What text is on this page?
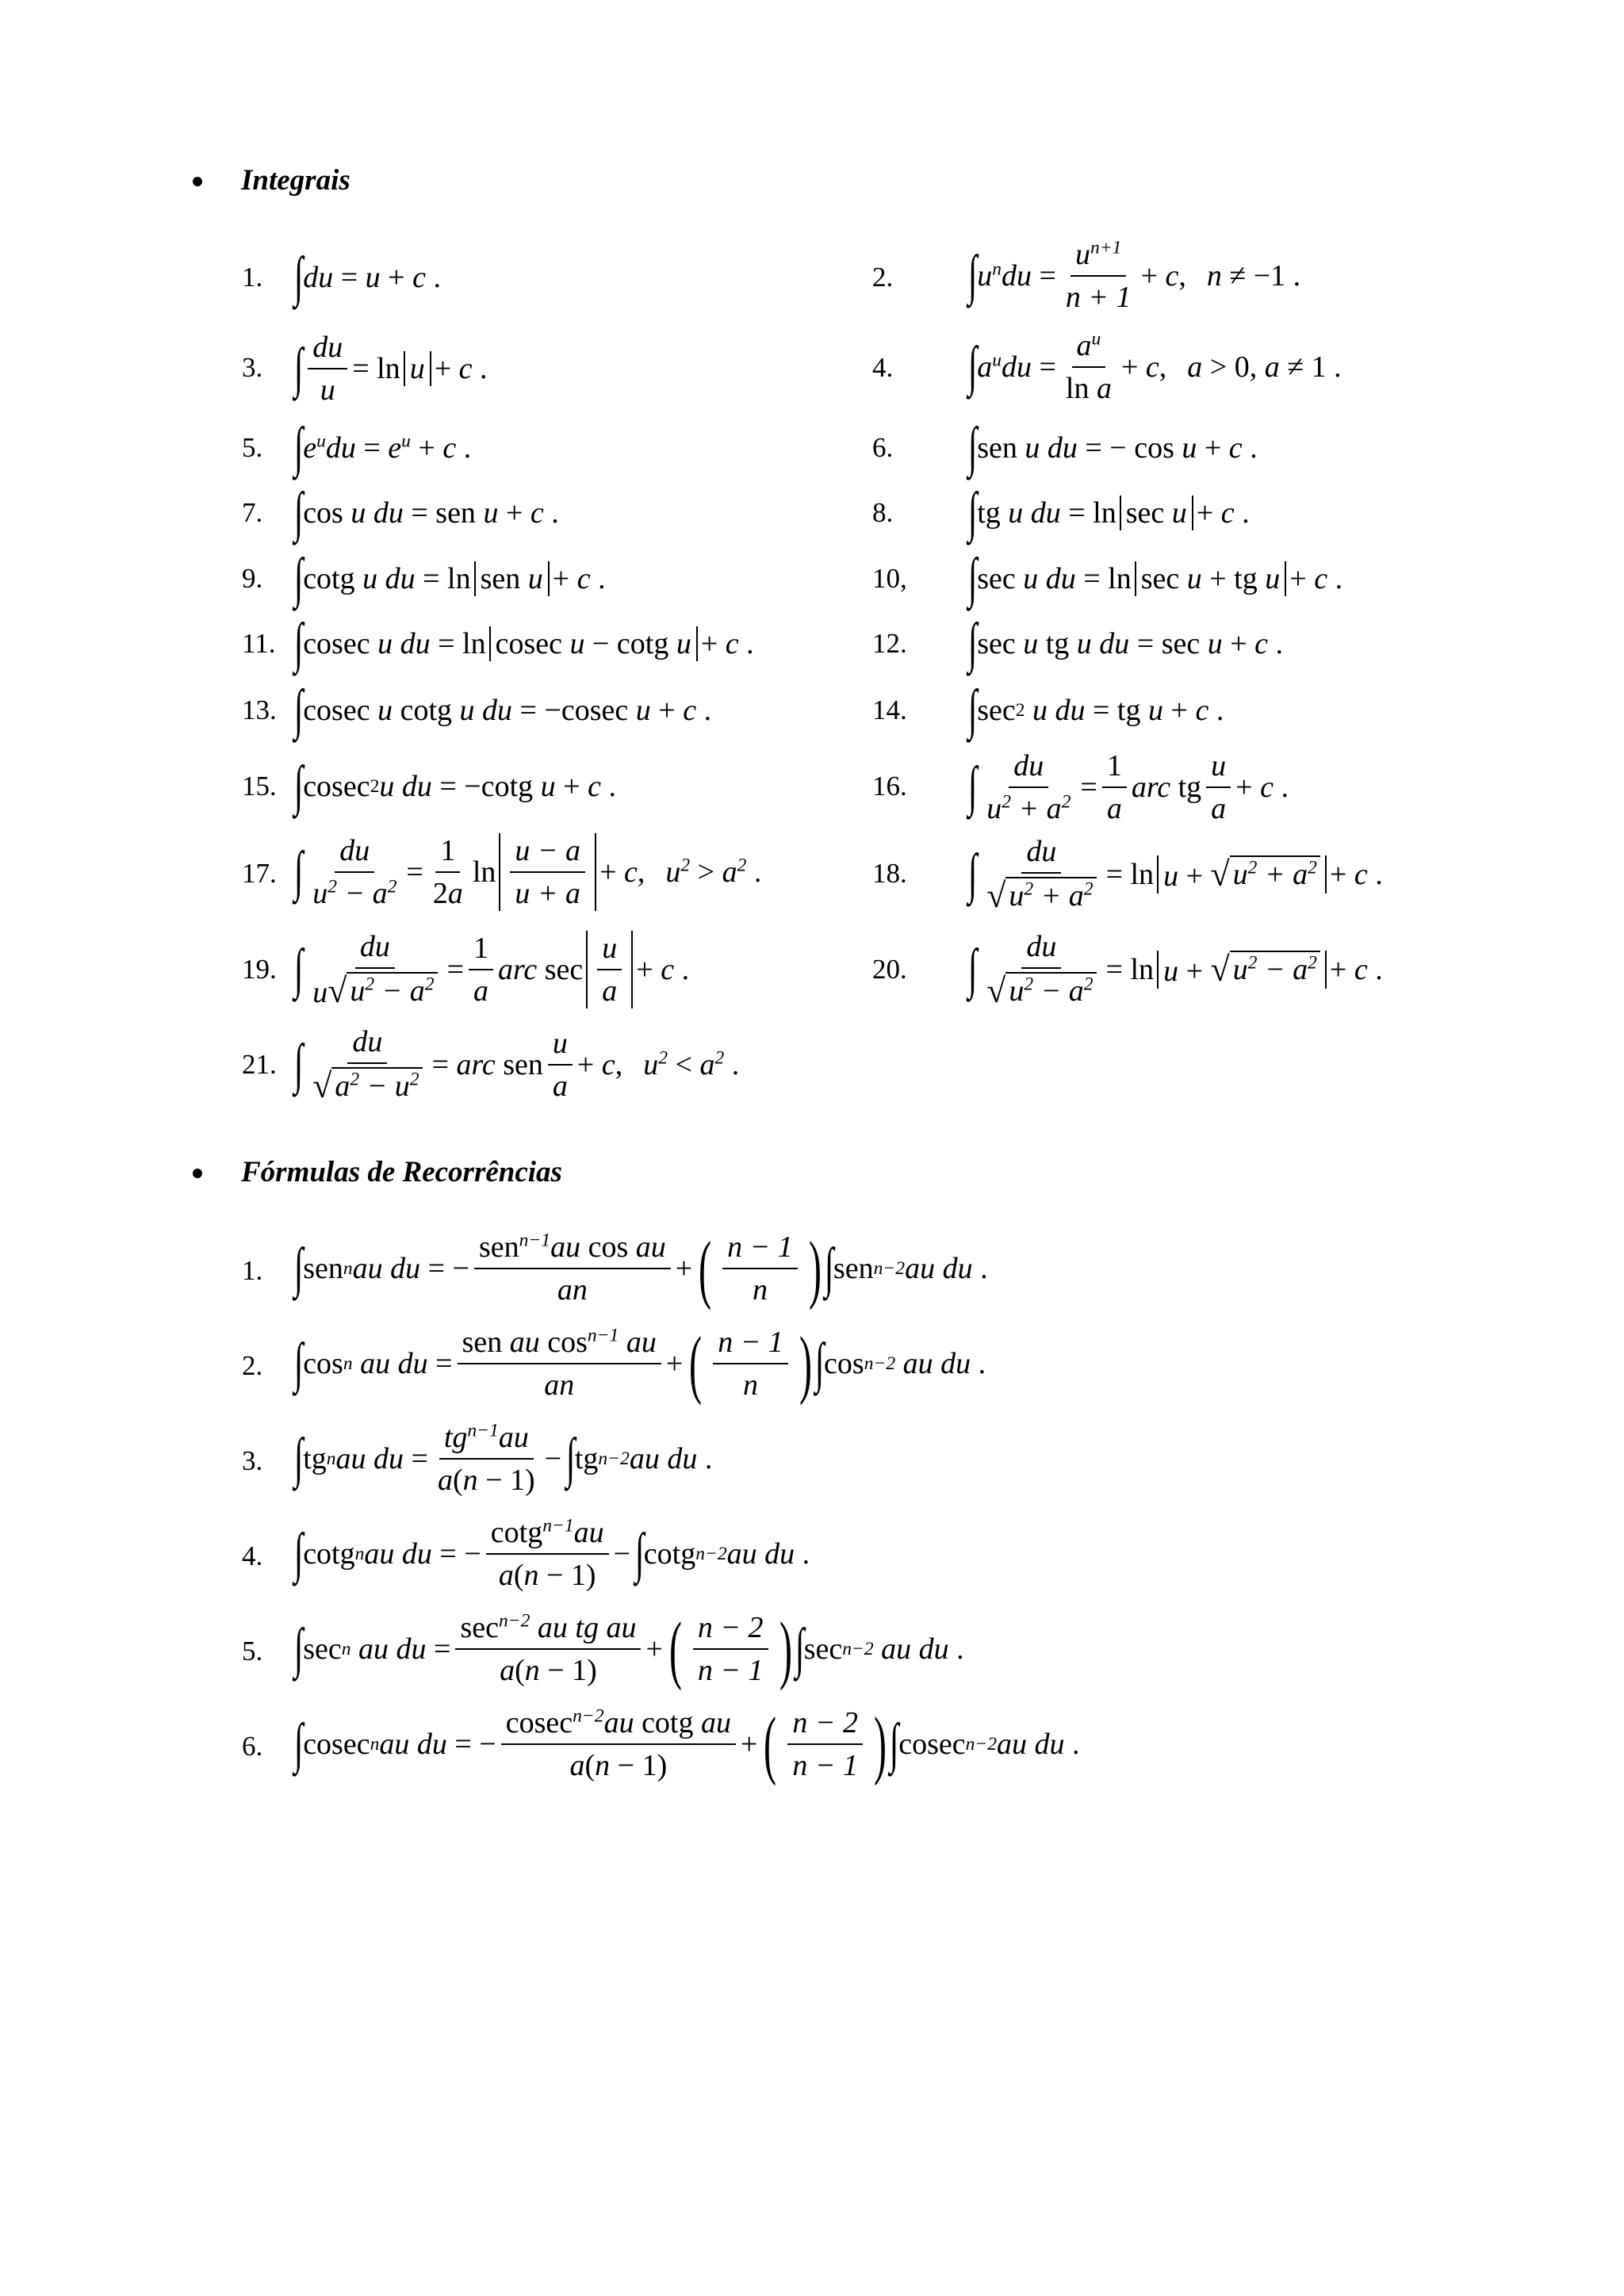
Integrais
1.
3.
5.
7.
9.
11.
13.
15.
17.
19.
21.
2.
4.
6.
8.
10,
12.
14.
16.
18.
20.
∫ du = u + c .
∫ du
u
= ln u + c .
∫ $e^udu = e^u + c$ .
∫ cos u du = sen u + c .
∫ cotg u du = ln sen u + c .
∫ cosec u du = ln cosec u − cotg u + c .
∫ cosec u cotg u du = −cosec u + c .
∫ cosec 2 u du = −cotg u + c .
∫ du
$u^2 - a^2$ =
1
2a
$\ln \frac{u - a}{u + a} + c$ , $u^2 > a^2$ .
∫ du
u √ $u^2 - a^2$ =
1
a
arc $\sec \frac{u}{a} + c$ .
∫ du
√ $a^2 - u^2$ = arc sen
u
a
+ c , $u^2 < a^2$ .
∫ $u^ndu$ =
$u^{n+1}$
n + 1
+ c , n ≠ −1 .
∫ $a^udu$ =
$a^u$
ln a
+ c , a > 0, a ≠ 1 .
∫ sen u du = − cos u + c .
∫ tg u du = ln sec u + c .
∫ sec u du = ln sec u + tg u + c .
∫ sec u tg u du = sec u + c .
∫ sec 2
u du = tg u + c .
∫ du
$u^2 + a^2$ =
1
a
arc tg
u
a
+ c .
∫ du
√ $u^2 + a^2 = \ln u$ + √ $u^2 + a^2 + c$ .
∫ du
√ $u^2 - a^2 = \ln u$ + √ $u^2 - a^2 + c$ .
Fórmulas de Recorrências
1.
2.
3.
4.
5.
6.
∫ sen n au du = −
sen$^{n-1}$au cos au
an
+ ( n − 1
n ) ∫ sen n−2 au du .
∫ cos n
au du =
sen au $\cos^{n-1}$ au
an
+ ( n − 1
n ) ∫ cos n−2
au du .
∫ tg n au du =
$tg^{n-1}au$
a(n − 1)
−
∫ tg n−2 au du .
∫ cotg n au du = −
cotg$^{n-1}$au
a(n − 1)
−
∫ cotg n−2 au du .
∫ sec n
au du =
$\sec^{n-2}$ au tg au
a(n − 1)
+ ( n − 2
n − 1 ) ∫ sec n−2
au du .
∫ cosec n au du = −
cosec$^{n-2}$au cotg au
a(n − 1)
+ ( n − 2
n − 1 ) ∫ cosec n−2 au du .
